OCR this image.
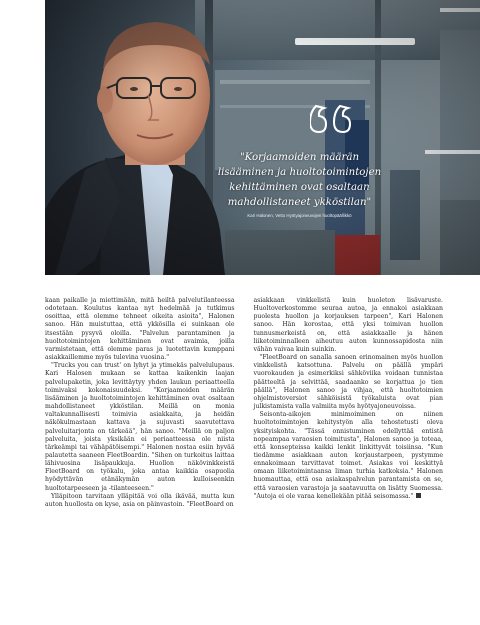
"Korjaamoiden määrän
lisääminen ja huoltotoimintojen
kehittäminen ovat osaltaan
mahdollistaneet ykköstilan"

Kari Halonen, Vetto Hyötyajoneuvojen huoltopäällikkö

kaan paikalle ja miettimään, mitä heiltä palvelutilanteessa odotetaan. Koulutus kantaa nyt hedelmää ja tutkimus osoittaa, että olemme tehneet oikeita asioita", Halonen sanoo. Hän muistuttaa, että ykkösilla ei suinkaan ole itsestään pysyvä oloilla. "Palvelun parantaminen ja huoltotoimintojen kehittäminen ovat avaimia, joilla varmistetaan, että olemme paras ja luotettavin kumppani asiakkaillemme myös tulevina vuosina."

"Trucks you can trust' on lyhyt ja ytimekäs palvelulupaus. Kari Halosen mukaan se kattaa kaikenkin laajan palvelupaketin, joka levittäytyy yhden laukun periaatteella toimivaksi kokonaisuudeksi. "Korjaamoiden määrän lisääminen ja huoltotoimintojen kehittäminen ovat osaltaan mahdollistaneet ykköstilan. Meillä on monia valtakunnallisesti toimivia asiakkaita, ja heidän näkökulmastaan kattava ja sujuvasti saavutettava palveluitarjonta on tärkeää", hän sanoo. "Meillä on paljon palveluita, joista yksikään ei periaatteessa ole niista tärkeämpi tai vähäpätöisempi." Halonen nostaa esiin hyvää palautetta saaneen FleetBoardin. "Sihen on turkoitus laittaa lähivuosina lisäpaukkuja. Huollon näkövinkkeistä FleetBoard on työkalu, joka antaa kaikkia osapuolia hyödyttävän etänäkymän auton kulloiseenkin huoltotarpeeseen ja -tilanteeseen."

Ylläpitoon tarvitaan ylläpitää voi olla ikävää, mutta kun auton huollosta on kyse, asia on päinvastoin. "FleetBoard on

asiakkaan vinkkelistä kuin huoleton lisävaruste. Huoltoverkostomme seuraa autoa, ja ennakoi asiakkaan puolesta huollon ja korjauksen tarpeen", Kari Halonen sanoo. Hän korostaa, että yksi toimivan huollon tunnusmerkeistä on, että asiakkaalle ja hänen liiketoiminnalleen aiheutuu auton kunnossapidosta niin vähän vaivaa kuin suinkin.

"FleetBoard on sanalla sanoen erinomainen myös huollon vinkkelistä katsottuna. Palvelu on päällä ympäri vuorokauden ja esimerkiksi sähköviika voidaan tunnistaa päätteeltä ja selvittää, saadaanko se korjattua jo tien päällä", Halonen sanoo ja vihjaa, että huoltotoimien ohjelmistoversiot sähköisistä työkaluista ovat pian julkistamista valla valmiita myös hyötyajoneuvoissa.

Seisonta-aikojen minimoiminen on niinen huoltotoimintojen kehitystyön alla tehostetusti oleva yksityiskohta. "Tässä onnistuminen edellyttää entistä nopeampaa varaosien toimitusta", Halonen sanoo ja toteaa, että konsepteissa kaikki lenkit linkittyvät toisiinsa. "Kun tiedämme asiakkaan auton korjaustarpeen, pystymme ennakoimaan tarvittavat toimet. Asiakas voi keskittyä omaan liiketoimintaansa liman turhia katkoksia." Halonen huomauttaa, että osa asiakaspalvelun parantamista on se, että varaosien varastoja ja saatavuutta on lisätty Suomessa. "Autoja ei ole varaa kenellekään pitää seisomassa."
